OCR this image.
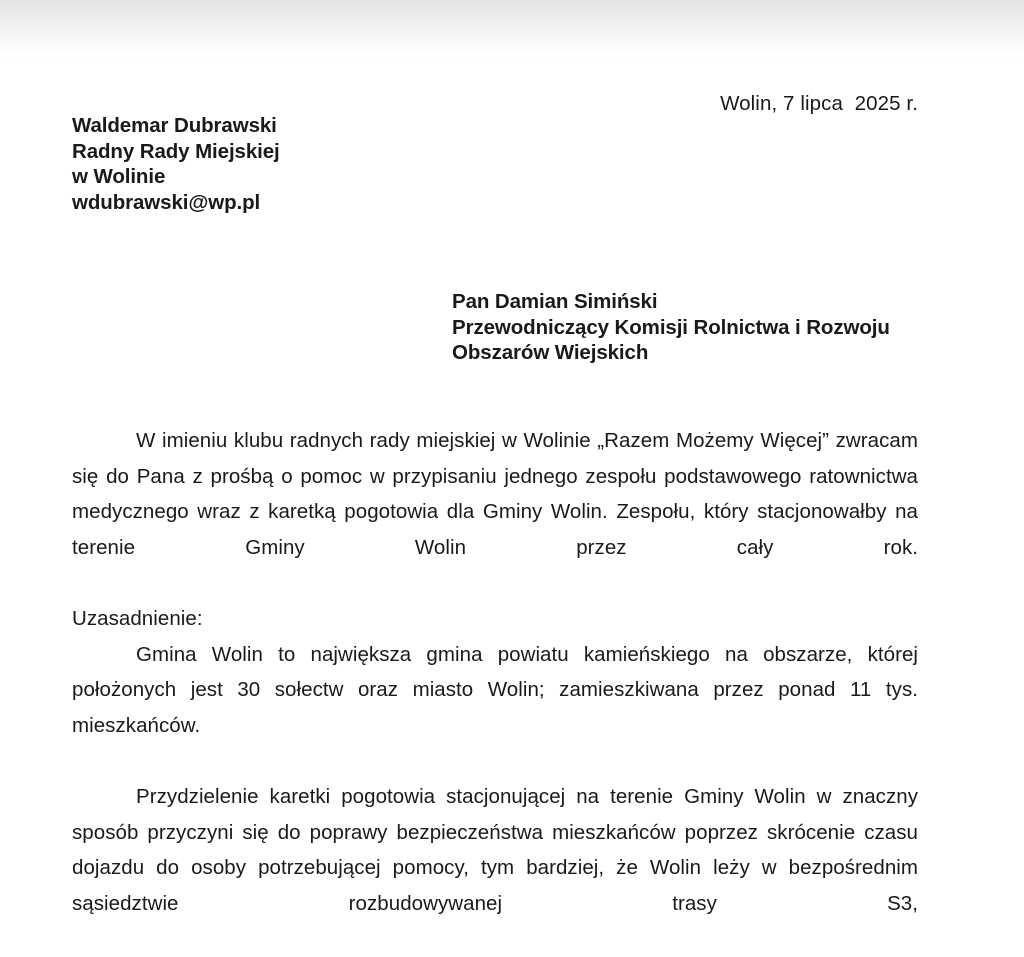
Wolin, 7 lipca  2025 r.
Waldemar Dubrawski
Radny Rady Miejskiej
w Wolinie
wdubrawski@wp.pl
Pan Damian Simiński
Przewodniczący Komisji Rolnictwa i Rozwoju
Obszarów Wiejskich

W imieniu klubu radnych rady miejskiej w Wolinie „Razem Możemy Więcej” zwracam się do Pana z prośbą o pomoc w przypisaniu jednego zespołu podstawowego ratownictwa medycznego wraz z karetką pogotowia dla Gminy Wolin. Zespołu, który stacjonowałby na terenie Gminy Wolin przez cały rok.

Uzasadnienie:

Gmina Wolin to największa gmina powiatu kamieńskiego na obszarze, której położonych jest 30 sołectw oraz miasto Wolin; zamieszkiwana przez ponad 11 tys. mieszkańców.

Przydzielenie karetki pogotowia stacjonującej na terenie Gminy Wolin w znaczny sposób przyczyni się do poprawy bezpieczeństwa mieszkańców poprzez skrócenie czasu dojazdu do osoby potrzebującej pomocy, tym bardziej, że Wolin leży w bezpośrednim sąsiedztwie rozbudowywanej trasy S3,
